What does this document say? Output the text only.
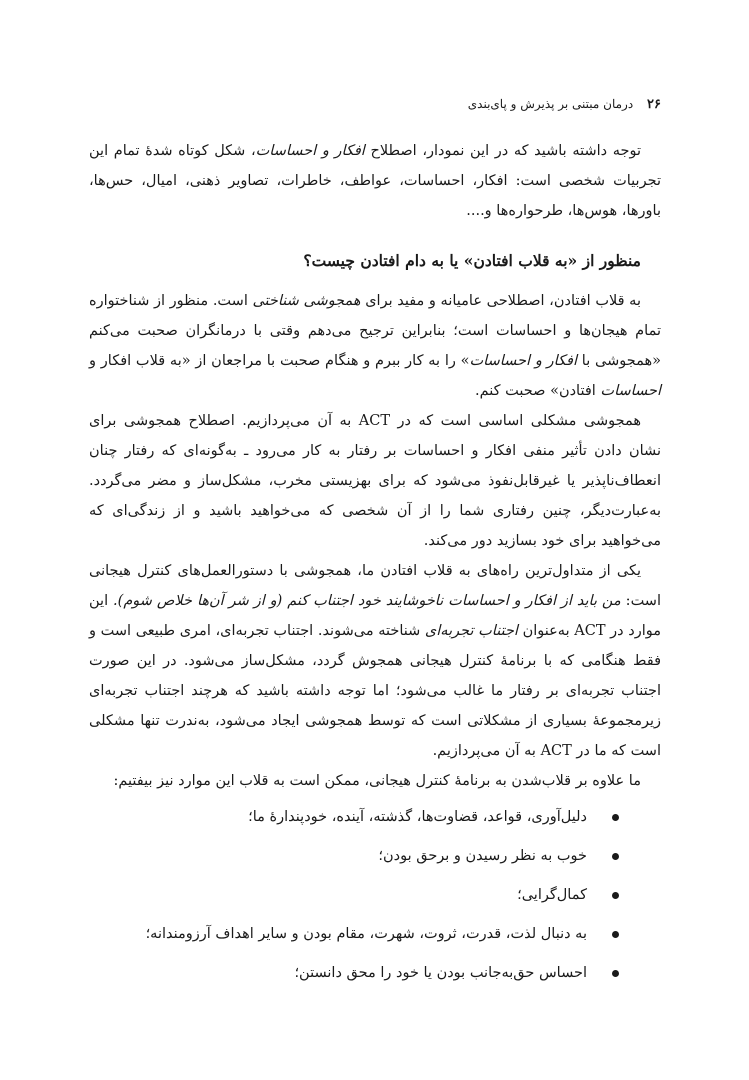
۲۶ درمان مبتنی بر پذیرش و پای‌بندی

توجه داشته باشید که در این نمودار، اصطلاح افکار و احساسات، شکل کوتاه شدهٔ تمام این تجربیات شخصی است: افکار، احساسات، عواطف، خاطرات، تصاویر ذهنی، امیال، حس‌ها، باورها، هوس‌ها، طرحواره‌ها و....

منظور از «به قلاب افتادن» یا به دام افتادن چیست؟

به قلاب افتادن، اصطلاحی عامیانه و مفید برای همجوشی شناختی است. منظور از شناختواره تمام هیجان‌ها و احساسات است؛ بنابراین ترجیح می‌دهم وقتی با درمانگران صحبت می‌کنم «همجوشی با افکار و احساسات» را به کار ببرم و هنگام صحبت با مراجعان از «به قلاب افکار و احساسات افتادن» صحبت کنم.

همجوشی مشکلی اساسی است که در ACT به آن می‌پردازیم. اصطلاح همجوشی برای نشان دادن تأثیر منفی افکار و احساسات بر رفتار به کار می‌رود ـ به‌گونه‌ای که رفتار چنان انعطاف‌ناپذیر یا غیرقابل‌نفوذ می‌شود که برای بهزیستی مخرب، مشکل‌ساز و مضر می‌گردد. به‌عبارت‌دیگر، چنین رفتاری شما را از آن شخصی که می‌خواهید باشید و از زندگی‌ای که می‌خواهید برای خود بسازید دور می‌کند.

یکی از متداول‌ترین راه‌های به قلاب افتادن ما، همجوشی با دستورالعمل‌های کنترل هیجانی است: من باید از افکار و احساسات ناخوشایند خود اجتناب کنم (و از شر آن‌ها خلاص شوم). این موارد در ACT به‌عنوان اجتناب تجربه‌ای شناخته می‌شوند. اجتناب تجربه‌ای، امری طبیعی است و فقط هنگامی که با برنامهٔ کنترل هیجانی همجوش گردد، مشکل‌ساز می‌شود. در این صورت اجتناب تجربه‌ای بر رفتار ما غالب می‌شود؛ اما توجه داشته باشید که هرچند اجتناب تجربه‌ای زیرمجموعهٔ بسیاری از مشکلاتی است که توسط همجوشی ایجاد می‌شود، به‌ندرت تنها مشکلی است که ما در ACT به آن می‌پردازیم.

ما علاوه بر قلاب‌شدن به برنامهٔ کنترل هیجانی، ممکن است به قلاب این موارد نیز بیفتیم:

دلیل‌آوری، قواعد، قضاوت‌ها، گذشته، آینده، خودپندارهٔ ما؛
خوب به نظر رسیدن و برحق بودن؛
کمال‌گرایی؛
به دنبال لذت، قدرت، ثروت، شهرت، مقام بودن و سایر اهداف آرزومندانه؛
احساس حق‌به‌جانب بودن یا خود را محق دانستن؛
